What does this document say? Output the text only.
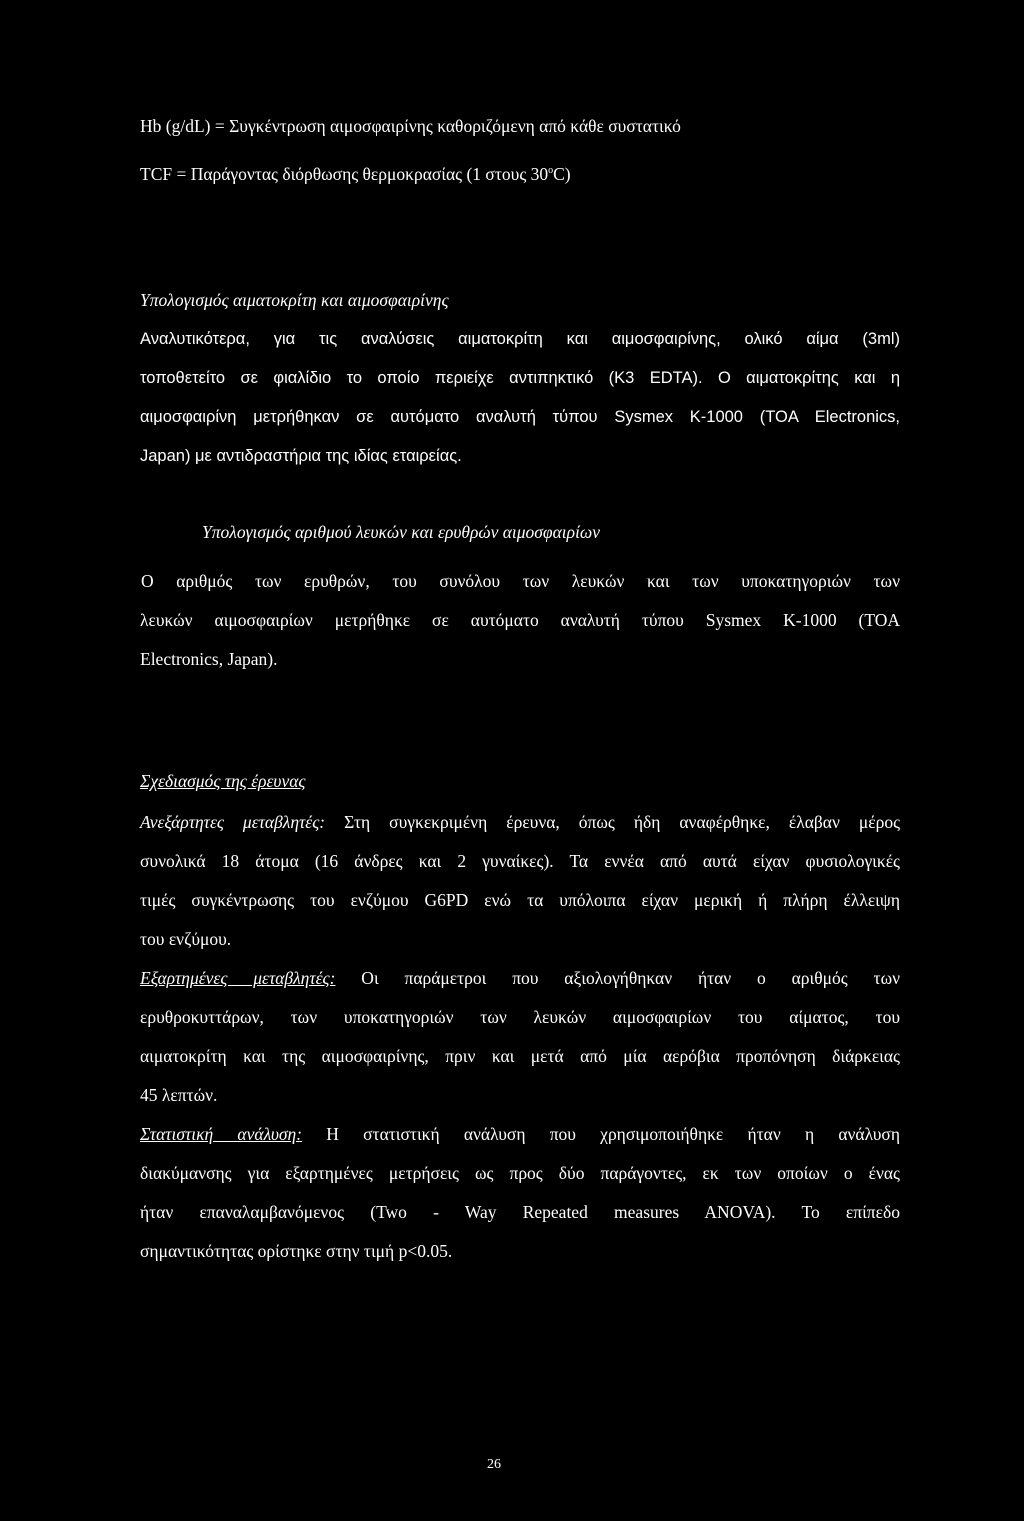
Hb (g/dL) = Συγκέντρωση αιμοσφαιρίνης καθοριζόμενη από κάθε συστατικό
TCF = Παράγοντας διόρθωσης θερμοκρασίας (1 στους 30$^o$C)
Υπολογισμός αιματοκρίτη και αιμοσφαιρίνης
Αναλυτικότερα, για τις αναλύσεις αιματοκρίτη και αιμοσφαιρίνης, ολικό αίμα (3ml)
τοποθετείτο σε φιαλίδιο το οποίο περιείχε αντιπηκτικό (Κ3 EDTA). Ο αιματοκρίτης και η
αιμοσφαιρίνη μετρήθηκαν σε αυτόματο αναλυτή τύπου Sysmex K-1000 (TOA Electronics,
Japan) με αντιδραστήρια της ιδίας εταιρείας.
Υπολογισμός αριθμού λευκών και ερυθρών αιμοσφαιρίων
Ο αριθμός των ερυθρών, του συνόλου των λευκών και των υποκατηγοριών των
λευκών αιμοσφαιρίων μετρήθηκε σε αυτόματο αναλυτή τύπου Sysmex K-1000 (TOA
Electronics, Japan).
Σχεδιασμός της έρευνας
Ανεξάρτητες μεταβλητές: Στη συγκεκριμένη έρευνα, όπως ήδη αναφέρθηκε, έλαβαν μέρος
συνολικά 18 άτομα (16 άνδρες και 2 γυναίκες). Τα εννέα από αυτά είχαν φυσιολογικές
τιμές συγκέντρωσης του ενζύμου G6PD ενώ τα υπόλοιπα είχαν μερική ή πλήρη έλλειψη
του ενζύμου.
Εξαρτημένες μεταβλητές: Οι παράμετροι που αξιολογήθηκαν ήταν ο αριθμός των
ερυθροκυττάρων, των υποκατηγοριών των λευκών αιμοσφαιρίων του αίματος, του
αιματοκρίτη και της αιμοσφαιρίνης, πριν και μετά από μία αερόβια προπόνηση διάρκειας
45 λεπτών.
Στατιστική ανάλυση: Η στατιστική ανάλυση που χρησιμοποιήθηκε ήταν η ανάλυση
διακύμανσης για εξαρτημένες μετρήσεις ως προς δύο παράγοντες, εκ των οποίων ο ένας
ήταν επαναλαμβανόμενος (Two - Way Repeated measures ANOVA). Το επίπεδο
σημαντικότητας ορίστηκε στην τιμή p<0.05.
26
